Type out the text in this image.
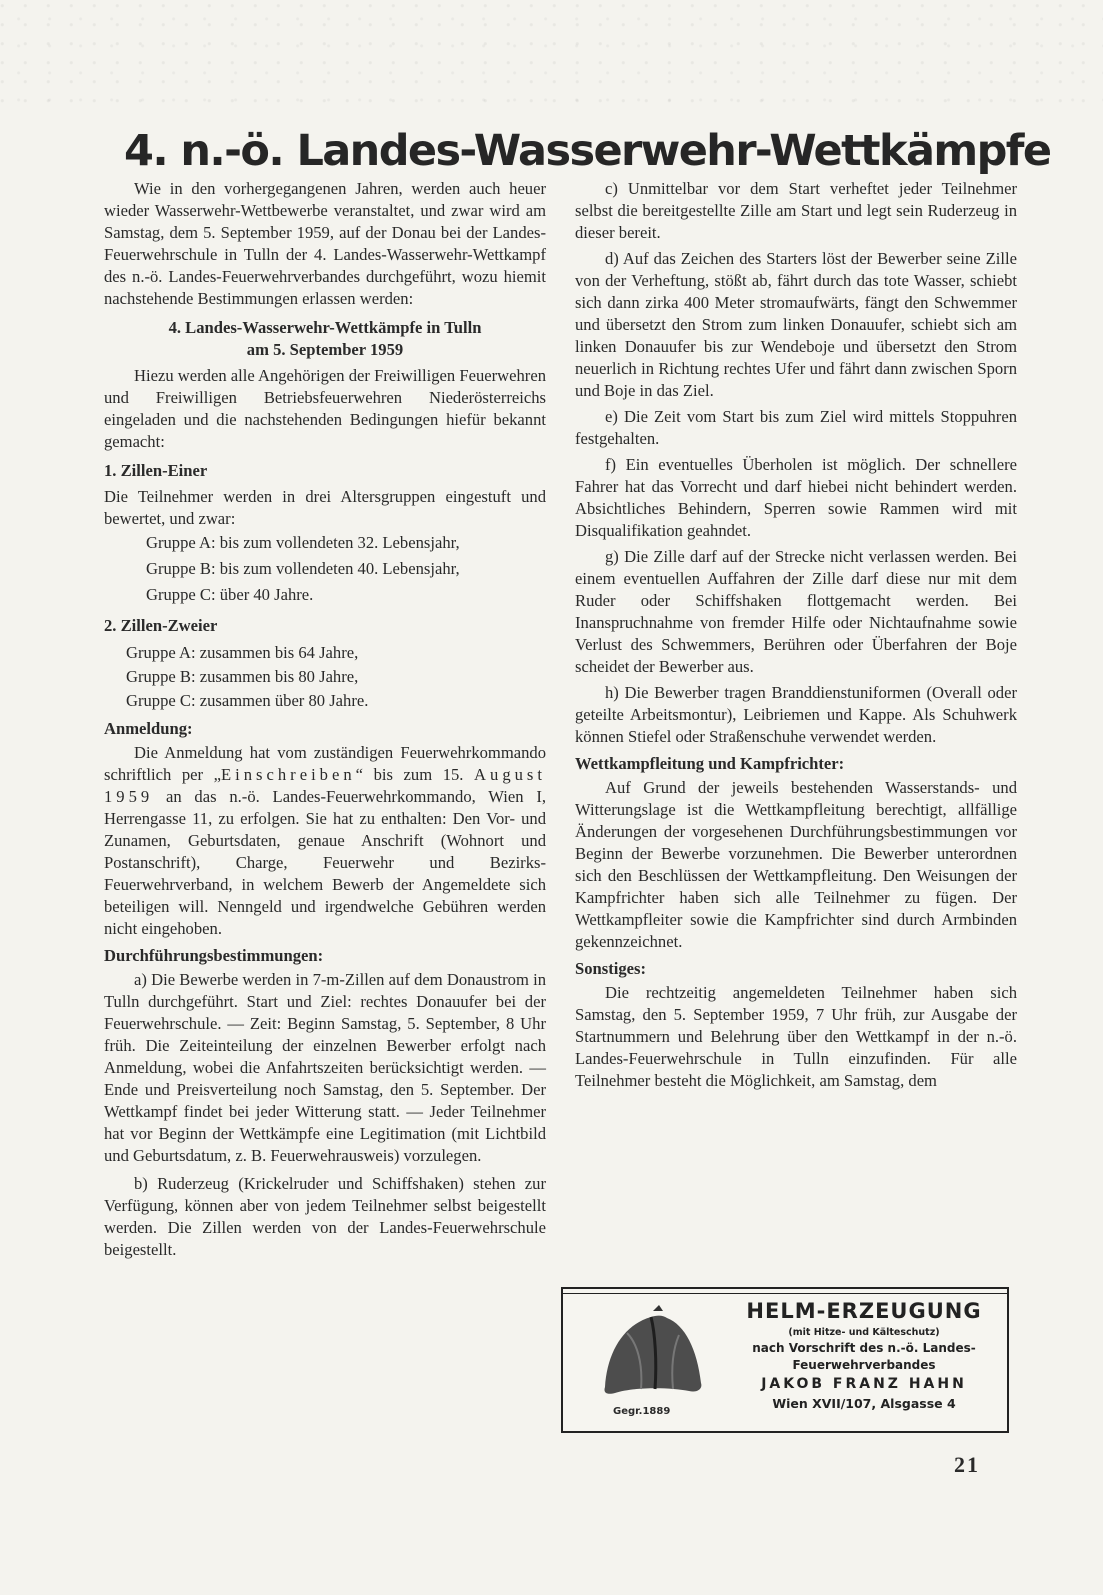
4. n.-ö. Landes-Wasserwehr-Wettkämpfe

Wie in den vorhergegangenen Jahren, werden auch heuer wieder Wasserwehr-Wettbewerbe veranstaltet, und zwar wird am Samstag, dem 5. September 1959, auf der Donau bei der Landes-Feuerwehrschule in Tulln der 4. Landes-Wasserwehr-Wettkampf des n.-ö. Landes-Feuerwehrverbandes durchgeführt, wozu hiemit nachstehende Bestimmungen erlassen werden:

4. Landes-Wasserwehr-Wettkämpfe in Tulln
am 5. September 1959

Hiezu werden alle Angehörigen der Freiwilligen Feuerwehren und Freiwilligen Betriebsfeuerwehren Niederösterreichs eingeladen und die nachstehenden Bedingungen hiefür bekannt gemacht:

1. Zillen-Einer

Die Teilnehmer werden in drei Altersgruppen eingestuft und bewertet, und zwar:

Gruppe A: bis zum vollendeten 32. Lebensjahr,
Gruppe B: bis zum vollendeten 40. Lebensjahr,
Gruppe C: über 40 Jahre.
2. Zillen-Zweier
Gruppe A: zusammen bis 64 Jahre,
Gruppe B: zusammen bis 80 Jahre,
Gruppe C: zusammen über 80 Jahre.
Anmeldung:

Die Anmeldung hat vom zuständigen Feuerwehrkommando schriftlich per „Einschreiben“ bis zum 15. August 1959 an das n.-ö. Landes-Feuerwehrkommando, Wien I, Herrengasse 11, zu erfolgen. Sie hat zu enthalten: Den Vor- und Zunamen, Geburtsdaten, genaue Anschrift (Wohnort und Postanschrift), Charge, Feuerwehr und Bezirks-Feuerwehrverband, in welchem Bewerb der Angemeldete sich beteiligen will. Nenngeld und irgendwelche Gebühren werden nicht eingehoben.

Durchführungsbestimmungen:

a) Die Bewerbe werden in 7-m-Zillen auf dem Donaustrom in Tulln durchgeführt. Start und Ziel: rechtes Donauufer bei der Feuerwehrschule. — Zeit: Beginn Samstag, 5. September, 8 Uhr früh. Die Zeiteinteilung der einzelnen Bewerber erfolgt nach Anmeldung, wobei die Anfahrtszeiten berücksichtigt werden. — Ende und Preisverteilung noch Samstag, den 5. September. Der Wettkampf findet bei jeder Witterung statt. — Jeder Teilnehmer hat vor Beginn der Wettkämpfe eine Legitimation (mit Lichtbild und Geburtsdatum, z. B. Feuerwehrausweis) vorzulegen.

b) Ruderzeug (Krickelruder und Schiffshaken) stehen zur Verfügung, können aber von jedem Teilnehmer selbst beigestellt werden. Die Zillen werden von der Landes-Feuerwehrschule beigestellt.

c) Unmittelbar vor dem Start verheftet jeder Teilnehmer selbst die bereitgestellte Zille am Start und legt sein Ruderzeug in dieser bereit.

d) Auf das Zeichen des Starters löst der Bewerber seine Zille von der Verheftung, stößt ab, fährt durch das tote Wasser, schiebt sich dann zirka 400 Meter stromaufwärts, fängt den Schwemmer und übersetzt den Strom zum linken Donauufer, schiebt sich am linken Donauufer bis zur Wendeboje und übersetzt den Strom neuerlich in Richtung rechtes Ufer und fährt dann zwischen Sporn und Boje in das Ziel.

e) Die Zeit vom Start bis zum Ziel wird mittels Stoppuhren festgehalten.

f) Ein eventuelles Überholen ist möglich. Der schnellere Fahrer hat das Vorrecht und darf hiebei nicht behindert werden. Absichtliches Behindern, Sperren sowie Rammen wird mit Disqualifikation geahndet.

g) Die Zille darf auf der Strecke nicht verlassen werden. Bei einem eventuellen Auffahren der Zille darf diese nur mit dem Ruder oder Schiffshaken flottgemacht werden. Bei Inanspruchnahme von fremder Hilfe oder Nichtaufnahme sowie Verlust des Schwemmers, Berühren oder Überfahren der Boje scheidet der Bewerber aus.

h) Die Bewerber tragen Branddienstuniformen (Overall oder geteilte Arbeitsmontur), Leibriemen und Kappe. Als Schuhwerk können Stiefel oder Straßenschuhe verwendet werden.

Wettkampfleitung und Kampfrichter:

Auf Grund der jeweils bestehenden Wasserstands- und Witterungslage ist die Wettkampfleitung berechtigt, allfällige Änderungen der vorgesehenen Durchführungsbestimmungen vor Beginn der Bewerbe vorzunehmen. Die Bewerber unterordnen sich den Beschlüssen der Wettkampfleitung. Den Weisungen der Kampfrichter haben sich alle Teilnehmer zu fügen. Der Wettkampfleiter sowie die Kampfrichter sind durch Armbinden gekennzeichnet.

Sonstiges:

Die rechtzeitig angemeldeten Teilnehmer haben sich Samstag, den 5. September 1959, 7 Uhr früh, zur Ausgabe der Startnummern und Belehrung über den Wettkampf in der n.-ö. Landes-Feuerwehrschule in Tulln einzufinden. Für alle Teilnehmer besteht die Möglichkeit, am Samstag, dem

Gegr.1889
HELM-ERZEUGUNG
(mit Hitze- und Kälteschutz)
nach Vorschrift des n.-ö. Landes-
Feuerwehrverbandes
JAKOB FRANZ HAHN
Wien XVII/107, Alsgasse 4
21
